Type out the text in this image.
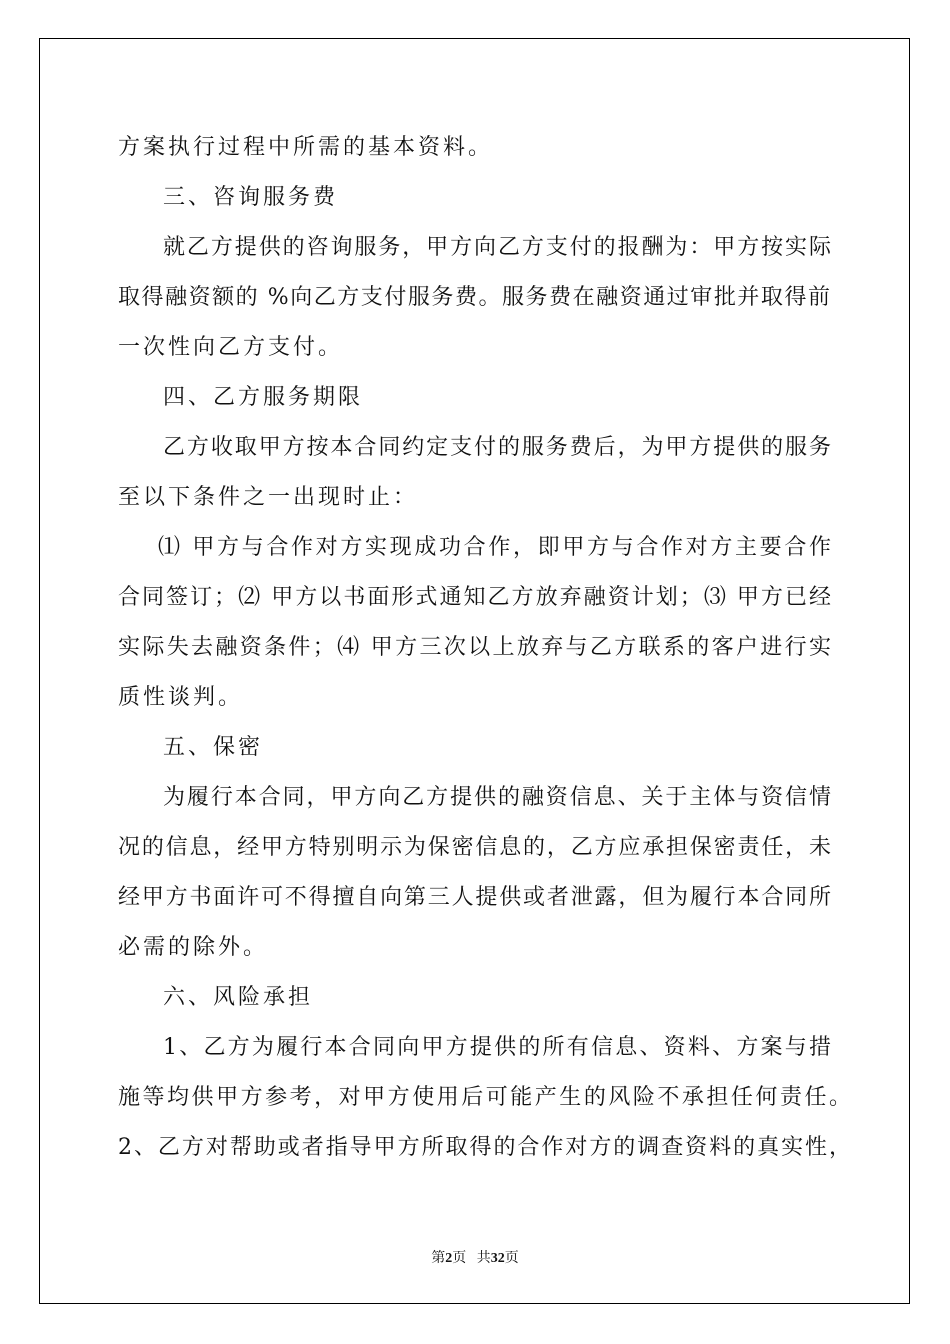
方案执行过程中所需的基本资料。
三、咨询服务费
就乙方提供的咨询服务，甲方向乙方支付的报酬为：甲方按实际
取得融资额的 %向乙方支付服务费。服务费在融资通过审批并取得前
一次性向乙方支付。
四、乙方服务期限
乙方收取甲方按本合同约定支付的服务费后，为甲方提供的服务
至以下条件之一出现时止：
⑴ 甲方与合作对方实现成功合作，即甲方与合作对方主要合作
合同签订；⑵ 甲方以书面形式通知乙方放弃融资计划；⑶ 甲方已经
实际失去融资条件；⑷ 甲方三次以上放弃与乙方联系的客户进行实
质性谈判。
五、保密
为履行本合同，甲方向乙方提供的融资信息、关于主体与资信情
况的信息，经甲方特别明示为保密信息的，乙方应承担保密责任，未
经甲方书面许可不得擅自向第三人提供或者泄露，但为履行本合同所
必需的除外。
六、风险承担
1、乙方为履行本合同向甲方提供的所有信息、资料、方案与措
施等均供甲方参考，对甲方使用后可能产生的风险不承担任何责任。
2、乙方对帮助或者指导甲方所取得的合作对方的调查资料的真实性，
第2页 共32页
